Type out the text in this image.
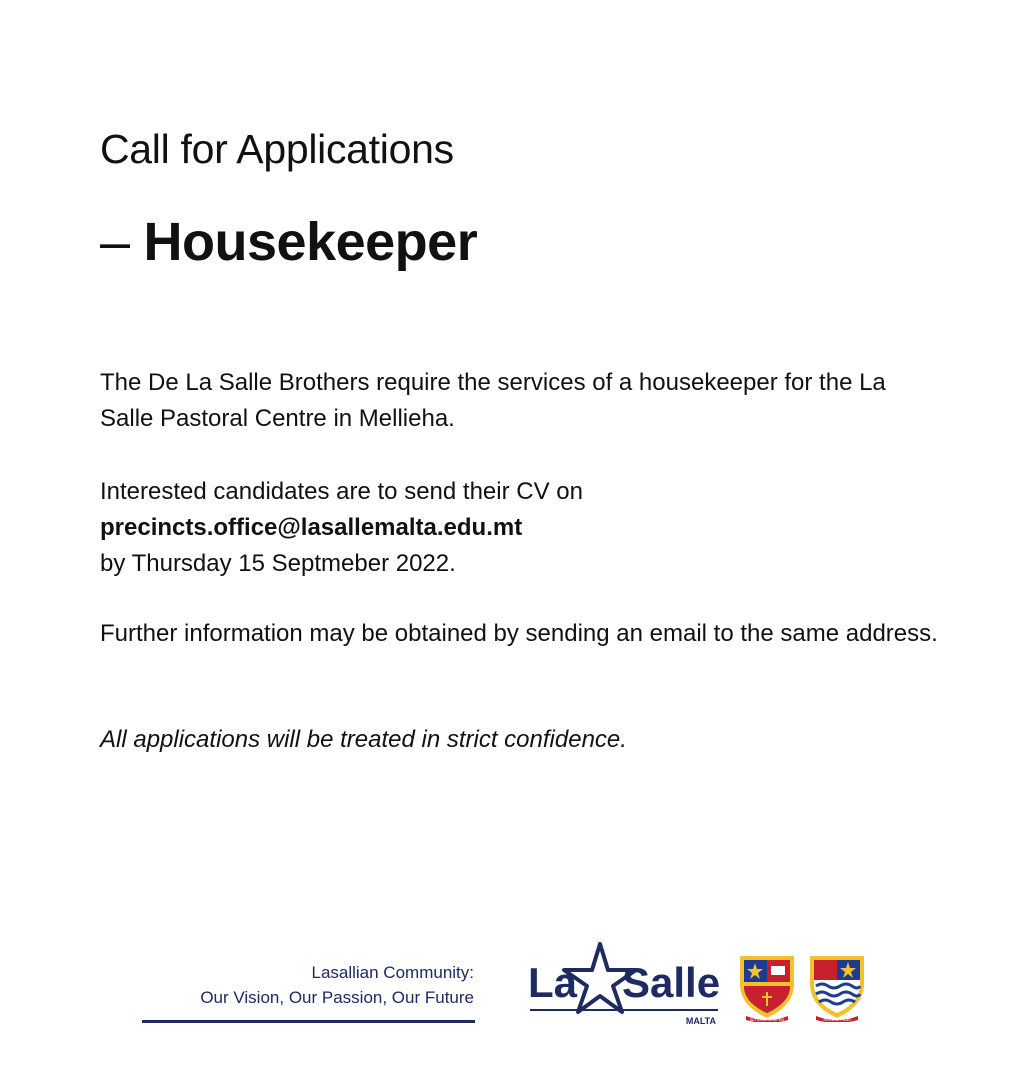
Call for Applications
– Housekeeper

The De La Salle Brothers require the services of a housekeeper for the La Salle Pastoral Centre in Mellieha.

Interested candidates are to send their CV on
precincts.office@lasallemalta.edu.mt
by Thursday 15 Septmeber 2022.

Further information may be obtained by sending an email to the same address.

All applications will be treated in strict confidence.

Lasallian Community:
Our Vision, Our Passion, Our Future La Salle
MALTA	ALTIORA SEMPER	SIGNUM FIDEI
